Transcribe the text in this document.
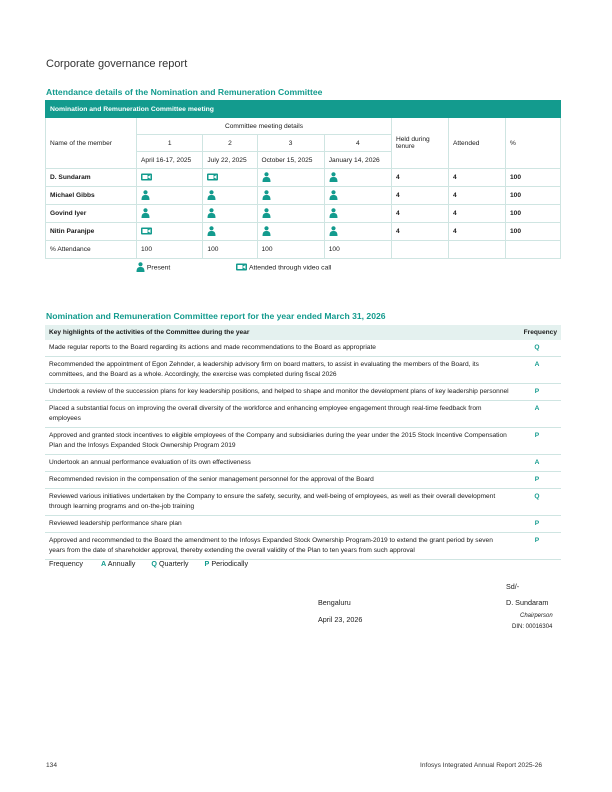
Corporate governance report
Attendance details of the Nomination and Remuneration Committee
Nomination and Remuneration Committee meeting							
Name of the member	Committee meeting details				Held during tenure	Attended	%
	1	2	3	4			
	April 16-17, 2025	July 22, 2025	October 15, 2025	January 14, 2026			
D. Sundaram					4	4	100
Michael Gibbs					4	4	100
Govind Iyer					4	4	100
Nitin Paranjpe					4	4	100
% Attendance	100	100	100	100			
Present	Attended through video call
Nomination and Remuneration Committee report for the year ended March 31, 2026
Key highlights of the activities of the Committee during the year	Frequency
Made regular reports to the Board regarding its actions and made recommendations to the Board as appropriate	Q
Recommended the appointment of Egon Zehnder, a leadership advisory firm on board matters, to assist in evaluating the members of the Board, its committees, and the Board as a whole. Accordingly, the exercise was completed during fiscal 2026	A
Undertook a review of the succession plans for key leadership positions, and helped to shape and monitor the development plans of key leadership personnel	P
Placed a substantial focus on improving the overall diversity of the workforce and enhancing employee engagement through real-time feedback from employees	A
Approved and granted stock incentives to eligible employees of the Company and subsidiaries during the year under the 2015 Stock Incentive Compensation Plan and the Infosys Expanded Stock Ownership Program 2019	P
Undertook an annual performance evaluation of its own effectiveness	A
Recommended revision in the compensation of the senior management personnel for the approval of the Board	P
Reviewed various initiatives undertaken by the Company to ensure the safety, security, and well-being of employees, as well as their overall development through learning programs and on-the-job training	Q
Reviewed leadership performance share plan	P
Approved and recommended to the Board the amendment to the Infosys Expanded Stock Ownership Program-2019 to extend the grant period by seven years from the date of shareholder approval, thereby extending the overall validity of the Plan to ten years from such approval	P
Frequency	A Annually Q Quarterly P Periodically
Sd/-
Bengaluru	D. Sundaram
April 23, 2026	Chairperson
DIN: 00016304
134	Infosys Integrated Annual Report 2025-26
